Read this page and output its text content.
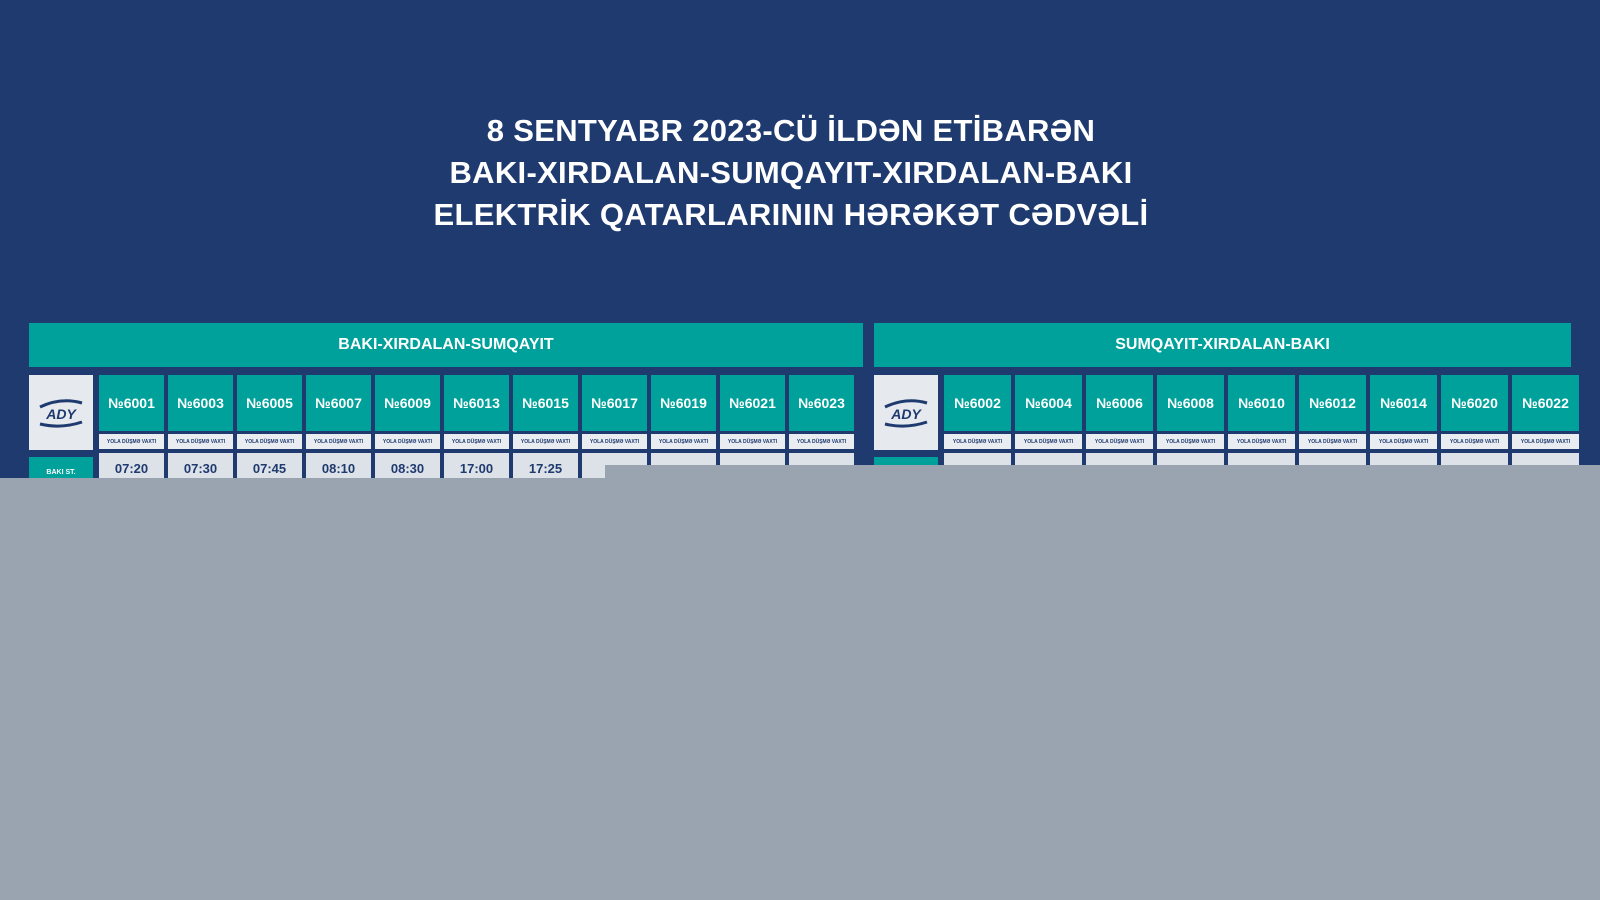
8 SENTYABR 2023-CÜ İLDƏN ETİBARƏN
BAKI-XIRDALAN-SUMQAYIT-XIRDALAN-BAKI
ELEKTRİK QATARLARININ HƏRƏKƏT CƏDVƏLİ
BAKI-XIRDALAN-SUMQAYIT
ADY
BAKI ST.
№6001
YOLA DÜŞMƏ VAXTI
07:20
№6003
YOLA DÜŞMƏ VAXTI
07:30
№6005
YOLA DÜŞMƏ VAXTI
07:45
№6007
YOLA DÜŞMƏ VAXTI
08:10
№6009
YOLA DÜŞMƏ VAXTI
08:30
№6013
YOLA DÜŞMƏ VAXTI
17:00
№6015
YOLA DÜŞMƏ VAXTI
17:25
№6017
YOLA DÜŞMƏ VAXTI
№6019
YOLA DÜŞMƏ VAXTI
№6021
YOLA DÜŞMƏ VAXTI
№6023
YOLA DÜŞMƏ VAXTI
SUMQAYIT-XIRDALAN-BAKI
ADY
№6002
YOLA DÜŞMƏ VAXTI
№6004
YOLA DÜŞMƏ VAXTI
№6006
YOLA DÜŞMƏ VAXTI
№6008
YOLA DÜŞMƏ VAXTI
№6010
YOLA DÜŞMƏ VAXTI
№6012
YOLA DÜŞMƏ VAXTI
№6014
YOLA DÜŞMƏ VAXTI
№6020
YOLA DÜŞMƏ VAXTI
№6022
YOLA DÜŞMƏ VAXTI
